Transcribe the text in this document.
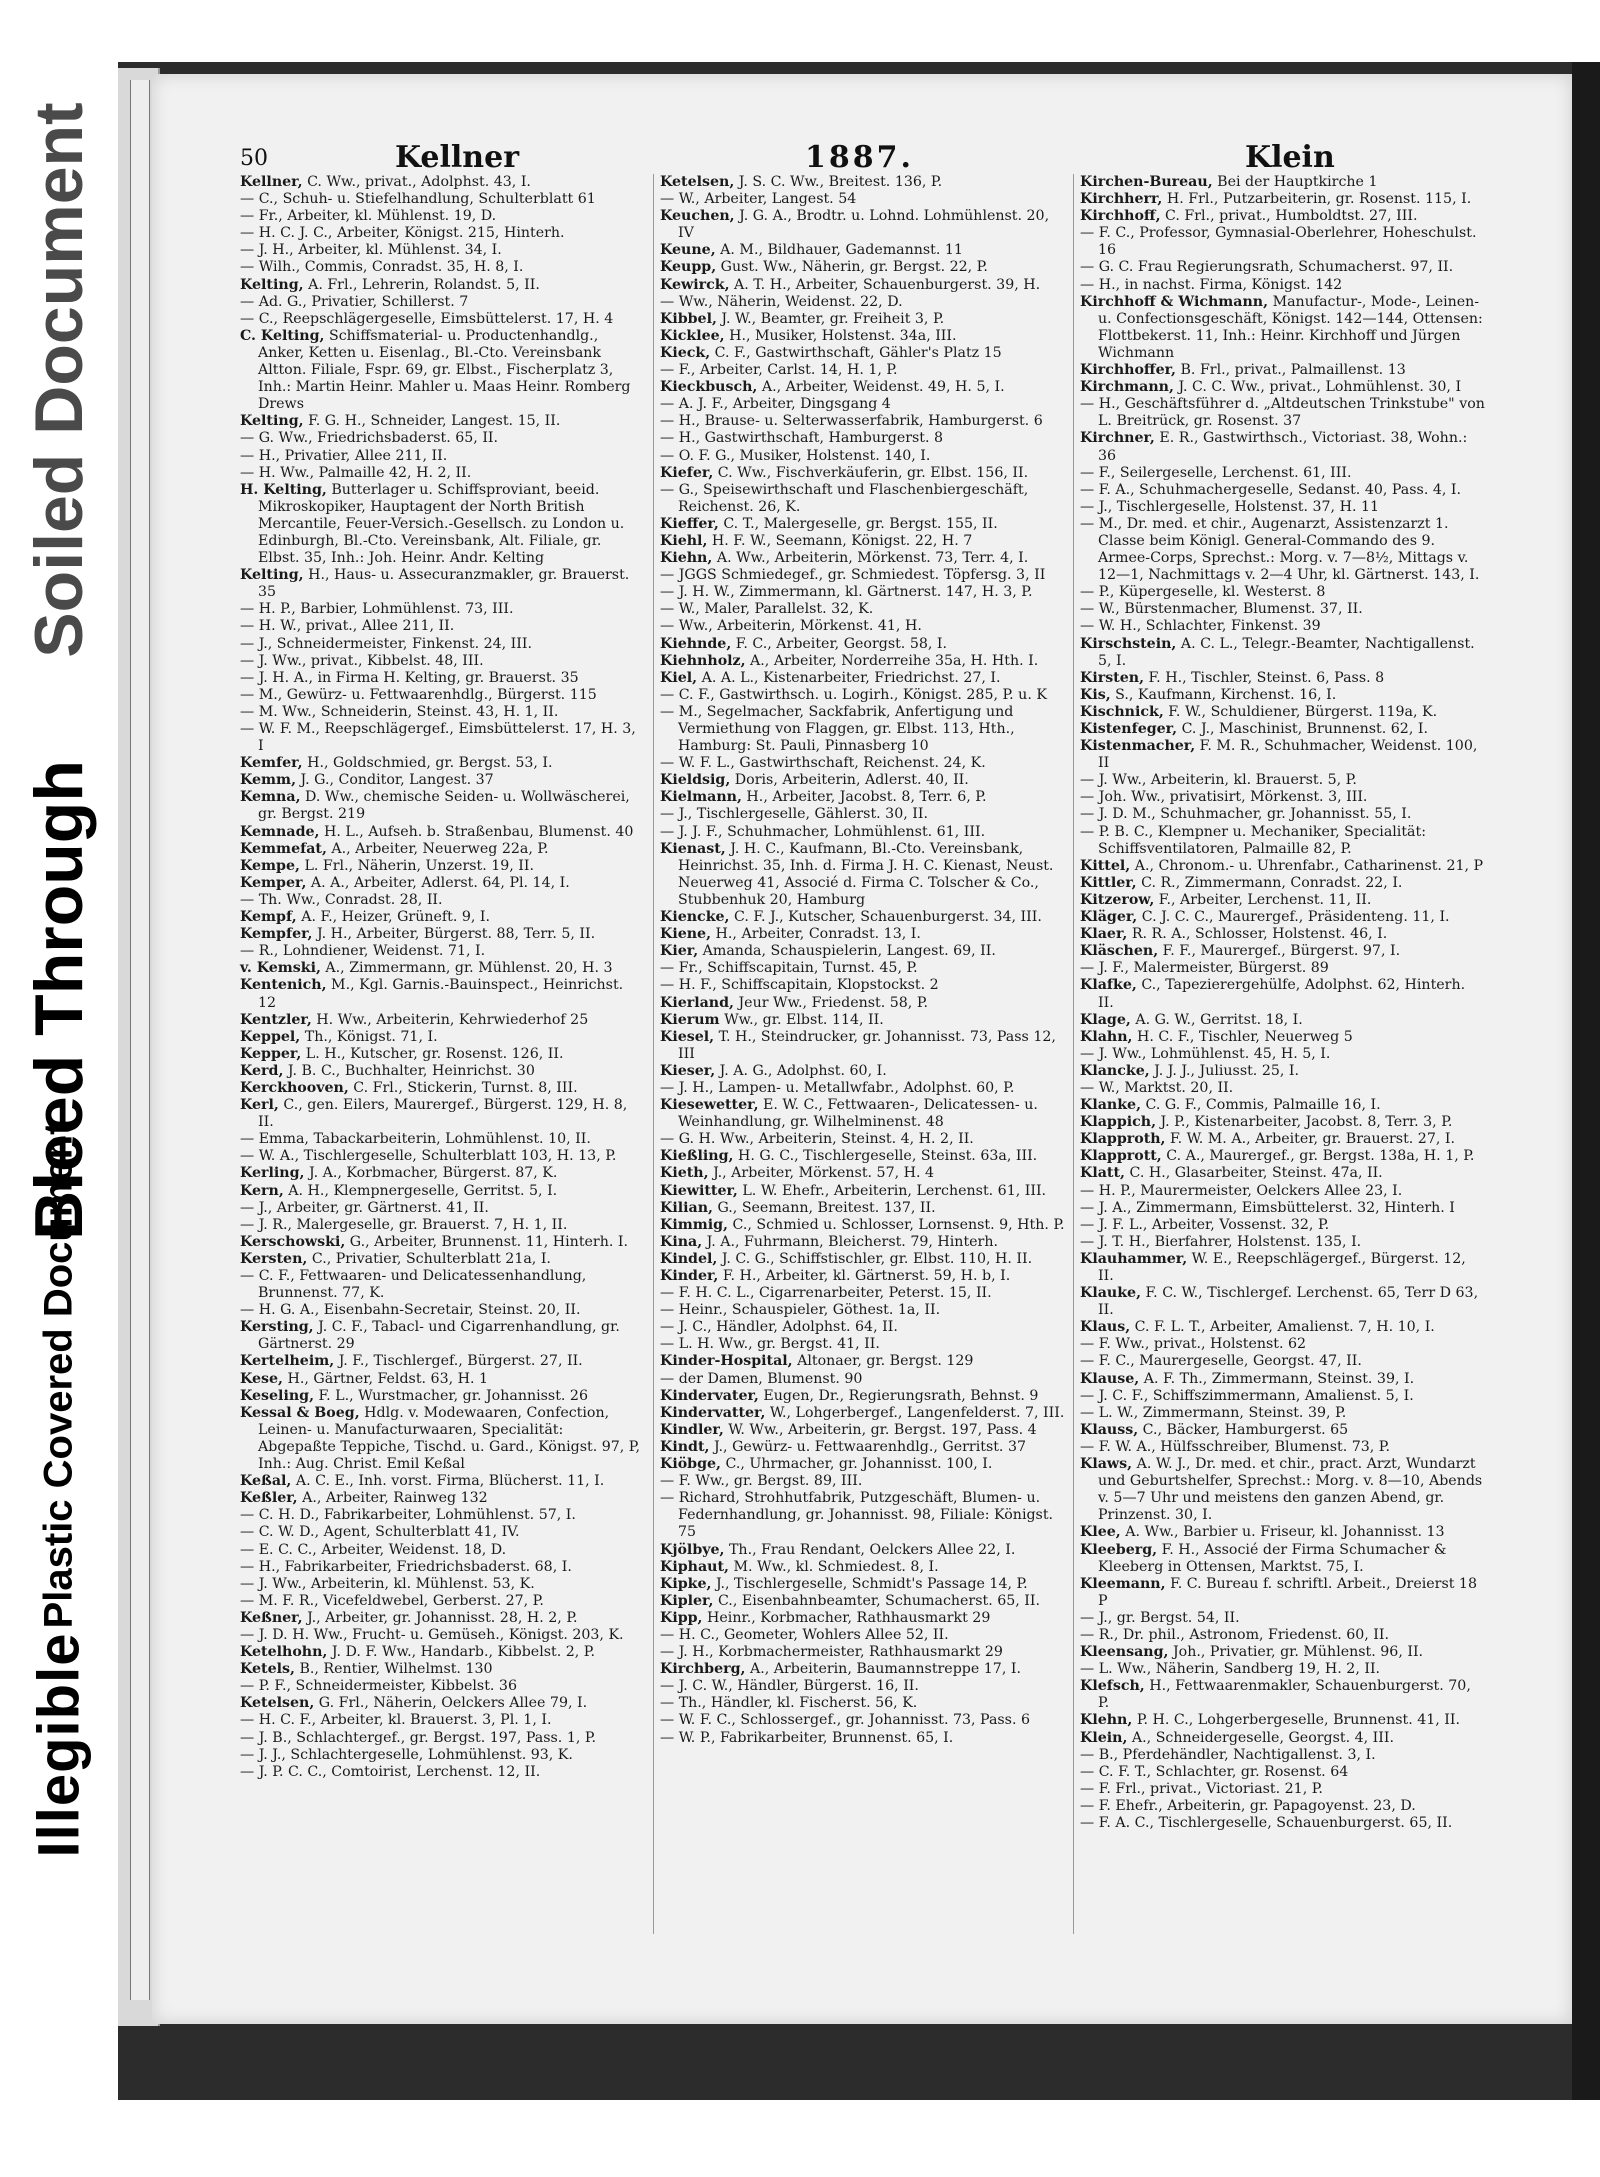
Illegible
Plastic Covered Document
Bleed Through
Soiled Document	50	Kellner	1887.	Klein
Kellner, C. Ww., privat., Adolphst. 43, I.
— C., Schuh- u. Stiefelhandlung, Schulterblatt 61
— Fr., Arbeiter, kl. Mühlenst. 19, D.
— H. C. J. C., Arbeiter, Königst. 215, Hinterh.
— J. H., Arbeiter, kl. Mühlenst. 34, I.
— Wilh., Commis, Conradst. 35, H. 8, I.
Kelting, A. Frl., Lehrerin, Rolandst. 5, II.
— Ad. G., Privatier, Schillerst. 7
— C., Reepschlägergeselle, Eimsbüttelerst. 17, H. 4
C. Kelting, Schiffsmaterial- u. Productenhandlg., Anker, Ketten u. Eisenlag., Bl.-Cto. Vereinsbank Altton. Filiale, Fspr. 69, gr. Elbst., Fischerplatz 3, Inh.: Martin Heinr. Mahler u. Maas Heinr. Romberg Drews
Kelting, F. G. H., Schneider, Langest. 15, II.
— G. Ww., Friedrichsbaderst. 65, II.
— H., Privatier, Allee 211, II.
— H. Ww., Palmaille 42, H. 2, II.
H. Kelting, Butterlager u. Schiffsproviant, beeid. Mikroskopiker, Hauptagent der North British Mercantile, Feuer-Versich.-Gesellsch. zu London u. Edinburgh, Bl.-Cto. Vereinsbank, Alt. Filiale, gr. Elbst. 35, Inh.: Joh. Heinr. Andr. Kelting
Kelting, H., Haus- u. Assecuranzmakler, gr. Brauerst. 35
— H. P., Barbier, Lohmühlenst. 73, III.
— H. W., privat., Allee 211, II.
— J., Schneidermeister, Finkenst. 24, III.
— J. Ww., privat., Kibbelst. 48, III.
— J. H. A., in Firma H. Kelting, gr. Brauerst. 35
— M., Gewürz- u. Fettwaarenhdlg., Bürgerst. 115
— M. Ww., Schneiderin, Steinst. 43, H. 1, II.
— W. F. M., Reepschlägergef., Eimsbüttelerst. 17, H. 3, I
Kemfer, H., Goldschmied, gr. Bergst. 53, I.
Kemm, J. G., Conditor, Langest. 37
Kemna, D. Ww., chemische Seiden- u. Wollwäscherei, gr. Bergst. 219
Kemnade, H. L., Aufseh. b. Straßenbau, Blumenst. 40
Kemmefat, A., Arbeiter, Neuerweg 22a, P.
Kempe, L. Frl., Näherin, Unzerst. 19, II.
Kemper, A. A., Arbeiter, Adlerst. 64, Pl. 14, I.
— Th. Ww., Conradst. 28, II.
Kempf, A. F., Heizer, Grüneft. 9, I.
Kempfer, J. H., Arbeiter, Bürgerst. 88, Terr. 5, II.
— R., Lohndiener, Weidenst. 71, I.
v. Kemski, A., Zimmermann, gr. Mühlenst. 20, H. 3
Kentenich, M., Kgl. Garnis.-Bauinspect., Heinrichst. 12
Kentzler, H. Ww., Arbeiterin, Kehrwiederhof 25
Keppel, Th., Königst. 71, I.
Kepper, L. H., Kutscher, gr. Rosenst. 126, II.
Kerd, J. B. C., Buchhalter, Heinrichst. 30
Kerckhooven, C. Frl., Stickerin, Turnst. 8, III.
Kerl, C., gen. Eilers, Maurergef., Bürgerst. 129, H. 8, II.
— Emma, Tabackarbeiterin, Lohmühlenst. 10, II.
— W. A., Tischlergeselle, Schulterblatt 103, H. 13, P.
Kerling, J. A., Korbmacher, Bürgerst. 87, K.
Kern, A. H., Klempnergeselle, Gerritst. 5, I.
— J., Arbeiter, gr. Gärtnerst. 41, II.
— J. R., Malergeselle, gr. Brauerst. 7, H. 1, II.
Kerschowski, G., Arbeiter, Brunnenst. 11, Hinterh. I.
Kersten, C., Privatier, Schulterblatt 21a, I.
— C. F., Fettwaaren- und Delicatessenhandlung, Brunnenst. 77, K.
— H. G. A., Eisenbahn-Secretair, Steinst. 20, II.
Kersting, J. C. F., Tabacl- und Cigarrenhandlung, gr. Gärtnerst. 29
Kertelheim, J. F., Tischlergef., Bürgerst. 27, II.
Kese, H., Gärtner, Feldst. 63, H. 1
Keseling, F. L., Wurstmacher, gr. Johannisst. 26
Kessal & Boeg, Hdlg. v. Modewaaren, Confection, Leinen- u. Manufacturwaaren, Specialität: Abgepaßte Teppiche, Tischd. u. Gard., Königst. 97, P, Inh.: Aug. Christ. Emil Keßal
Keßal, A. C. E., Inh. vorst. Firma, Blücherst. 11, I.
Keßler, A., Arbeiter, Rainweg 132
— C. H. D., Fabrikarbeiter, Lohmühlenst. 57, I.
— C. W. D., Agent, Schulterblatt 41, IV.
— E. C. C., Arbeiter, Weidenst. 18, D.
— H., Fabrikarbeiter, Friedrichsbaderst. 68, I.
— J. Ww., Arbeiterin, kl. Mühlenst. 53, K.
— M. F. R., Vicefeldwebel, Gerberst. 27, P.
Keßner, J., Arbeiter, gr. Johannisst. 28, H. 2, P.
— J. D. H. Ww., Frucht- u. Gemüseh., Königst. 203, K.
Ketelhohn, J. D. F. Ww., Handarb., Kibbelst. 2, P.
Ketels, B., Rentier, Wilhelmst. 130
— P. F., Schneidermeister, Kibbelst. 36
Ketelsen, G. Frl., Näherin, Oelckers Allee 79, I.
— H. C. F., Arbeiter, kl. Brauerst. 3, Pl. 1, I.
— J. B., Schlachtergef., gr. Bergst. 197, Pass. 1, P.
— J. J., Schlachtergeselle, Lohmühlenst. 93, K.
— J. P. C. C., Comtoirist, Lerchenst. 12, II.
Ketelsen, J. S. C. Ww., Breitest. 136, P.
— W., Arbeiter, Langest. 54
Keuchen, J. G. A., Brodtr. u. Lohnd. Lohmühlenst. 20, IV
Keune, A. M., Bildhauer, Gademannst. 11
Keupp, Gust. Ww., Näherin, gr. Bergst. 22, P.
Kewirck, A. T. H., Arbeiter, Schauenburgerst. 39, H.
— Ww., Näherin, Weidenst. 22, D.
Kibbel, J. W., Beamter, gr. Freiheit 3, P.
Kicklee, H., Musiker, Holstenst. 34a, III.
Kieck, C. F., Gastwirthschaft, Gähler's Platz 15
— F., Arbeiter, Carlst. 14, H. 1, P.
Kieckbusch, A., Arbeiter, Weidenst. 49, H. 5, I.
— A. J. F., Arbeiter, Dingsgang 4
— H., Brause- u. Selterwasserfabrik, Hamburgerst. 6
— H., Gastwirthschaft, Hamburgerst. 8
— O. F. G., Musiker, Holstenst. 140, I.
Kiefer, C. Ww., Fischverkäuferin, gr. Elbst. 156, II.
— G., Speisewirthschaft und Flaschenbiergeschäft, Reichenst. 26, K.
Kieffer, C. T., Malergeselle, gr. Bergst. 155, II.
Kiehl, H. F. W., Seemann, Königst. 22, H. 7
Kiehn, A. Ww., Arbeiterin, Mörkenst. 73, Terr. 4, I.
— JGGS Schmiedegef., gr. Schmiedest. Töpfersg. 3, II
— J. H. W., Zimmermann, kl. Gärtnerst. 147, H. 3, P.
— W., Maler, Parallelst. 32, K.
— Ww., Arbeiterin, Mörkenst. 41, H.
Kiehnde, F. C., Arbeiter, Georgst. 58, I.
Kiehnholz, A., Arbeiter, Norderreihe 35a, H. Hth. I.
Kiel, A. A. L., Kistenarbeiter, Friedrichst. 27, I.
— C. F., Gastwirthsch. u. Logirh., Königst. 285, P. u. K
— M., Segelmacher, Sackfabrik, Anfertigung und Vermiethung von Flaggen, gr. Elbst. 113, Hth., Hamburg: St. Pauli, Pinnasberg 10
— W. F. L., Gastwirthschaft, Reichenst. 24, K.
Kieldsig, Doris, Arbeiterin, Adlerst. 40, II.
Kielmann, H., Arbeiter, Jacobst. 8, Terr. 6, P.
— J., Tischlergeselle, Gählerst. 30, II.
— J. J. F., Schuhmacher, Lohmühlenst. 61, III.
Kienast, J. H. C., Kaufmann, Bl.-Cto. Vereinsbank, Heinrichst. 35, Inh. d. Firma J. H. C. Kienast, Neust. Neuerweg 41, Associé d. Firma C. Tolscher & Co., Stubbenhuk 20, Hamburg
Kiencke, C. F. J., Kutscher, Schauenburgerst. 34, III.
Kiene, H., Arbeiter, Conradst. 13, I.
Kier, Amanda, Schauspielerin, Langest. 69, II.
— Fr., Schiffscapitain, Turnst. 45, P.
— H. F., Schiffscapitain, Klopstockst. 2
Kierland, Jeur Ww., Friedenst. 58, P.
Kierum Ww., gr. Elbst. 114, II.
Kiesel, T. H., Steindrucker, gr. Johannisst. 73, Pass 12, III
Kieser, J. A. G., Adolphst. 60, I.
— J. H., Lampen- u. Metallwfabr., Adolphst. 60, P.
Kiesewetter, E. W. C., Fettwaaren-, Delicatessen- u. Weinhandlung, gr. Wilhelminenst. 48
— G. H. Ww., Arbeiterin, Steinst. 4, H. 2, II.
Kießling, H. G. C., Tischlergeselle, Steinst. 63a, III.
Kieth, J., Arbeiter, Mörkenst. 57, H. 4
Kiewitter, L. W. Ehefr., Arbeiterin, Lerchenst. 61, III.
Kilian, G., Seemann, Breitest. 137, II.
Kimmig, C., Schmied u. Schlosser, Lornsenst. 9, Hth. P.
Kina, J. A., Fuhrmann, Bleicherst. 79, Hinterh.
Kindel, J. C. G., Schiffstischler, gr. Elbst. 110, H. II.
Kinder, F. H., Arbeiter, kl. Gärtnerst. 59, H. b, I.
— F. H. C. L., Cigarrenarbeiter, Peterst. 15, II.
— Heinr., Schauspieler, Göthest. 1a, II.
— J. C., Händler, Adolphst. 64, II.
— L. H. Ww., gr. Bergst. 41, II.
Kinder-Hospital, Altonaer, gr. Bergst. 129
— der Damen, Blumenst. 90
Kindervater, Eugen, Dr., Regierungsrath, Behnst. 9
Kindervatter, W., Lohgerbergef., Langenfelderst. 7, III.
Kindler, W. Ww., Arbeiterin, gr. Bergst. 197, Pass. 4
Kindt, J., Gewürz- u. Fettwaarenhdlg., Gerritst. 37
Kiöbge, C., Uhrmacher, gr. Johannisst. 100, I.
— F. Ww., gr. Bergst. 89, III.
— Richard, Strohhutfabrik, Putzgeschäft, Blumen- u. Federnhandlung, gr. Johannisst. 98, Filiale: Königst. 75
Kjölbye, Th., Frau Rendant, Oelckers Allee 22, I.
Kiphaut, M. Ww., kl. Schmiedest. 8, I.
Kipke, J., Tischlergeselle, Schmidt's Passage 14, P.
Kipler, C., Eisenbahnbeamter, Schumacherst. 65, II.
Kipp, Heinr., Korbmacher, Rathhausmarkt 29
— H. C., Geometer, Wohlers Allee 52, II.
— J. H., Korbmachermeister, Rathhausmarkt 29
Kirchberg, A., Arbeiterin, Baumannstreppe 17, I.
— J. C. W., Händler, Bürgerst. 16, II.
— Th., Händler, kl. Fischerst. 56, K.
— W. F. C., Schlossergef., gr. Johannisst. 73, Pass. 6
— W. P., Fabrikarbeiter, Brunnenst. 65, I.
Kirchen-Bureau, Bei der Hauptkirche 1
Kirchherr, H. Frl., Putzarbeiterin, gr. Rosenst. 115, I.
Kirchhoff, C. Frl., privat., Humboldtst. 27, III.
— F. C., Professor, Gymnasial-Oberlehrer, Hoheschulst. 16
— G. C. Frau Regierungsrath, Schumacherst. 97, II.
— H., in nachst. Firma, Königst. 142
Kirchhoff & Wichmann, Manufactur-, Mode-, Leinen- u. Confectionsgeschäft, Königst. 142—144, Ottensen: Flottbekerst. 11, Inh.: Heinr. Kirchhoff und Jürgen Wichmann
Kirchhoffer, B. Frl., privat., Palmaillenst. 13
Kirchmann, J. C. C. Ww., privat., Lohmühlenst. 30, I
— H., Geschäftsführer d. „Altdeutschen Trinkstube" von L. Breitrück, gr. Rosenst. 37
Kirchner, E. R., Gastwirthsch., Victoriast. 38, Wohn.: 36
— F., Seilergeselle, Lerchenst. 61, III.
— F. A., Schuhmachergeselle, Sedanst. 40, Pass. 4, I.
— J., Tischlergeselle, Holstenst. 37, H. 11
— M., Dr. med. et chir., Augenarzt, Assistenzarzt 1. Classe beim Königl. General-Commando des 9. Armee-Corps, Sprechst.: Morg. v. 7—8½, Mittags v. 12—1, Nachmittags v. 2—4 Uhr, kl. Gärtnerst. 143, I.
— P., Küpergeselle, kl. Westerst. 8
— W., Bürstenmacher, Blumenst. 37, II.
— W. H., Schlachter, Finkenst. 39
Kirschstein, A. C. L., Telegr.-Beamter, Nachtigallenst. 5, I.
Kirsten, F. H., Tischler, Steinst. 6, Pass. 8
Kis, S., Kaufmann, Kirchenst. 16, I.
Kischnick, F. W., Schuldiener, Bürgerst. 119a, K.
Kistenfeger, C. J., Maschinist, Brunnenst. 62, I.
Kistenmacher, F. M. R., Schuhmacher, Weidenst. 100, II
— J. Ww., Arbeiterin, kl. Brauerst. 5, P.
— Joh. Ww., privatisirt, Mörkenst. 3, III.
— J. D. M., Schuhmacher, gr. Johannisst. 55, I.
— P. B. C., Klempner u. Mechaniker, Specialität: Schiffsventilatoren, Palmaille 82, P.
Kittel, A., Chronom.- u. Uhrenfabr., Catharinenst. 21, P
Kittler, C. R., Zimmermann, Conradst. 22, I.
Kitzerow, F., Arbeiter, Lerchenst. 11, II.
Kläger, C. J. C. C., Maurergef., Präsidenteng. 11, I.
Klaer, R. R. A., Schlosser, Holstenst. 46, I.
Kläschen, F. F., Maurergef., Bürgerst. 97, I.
— J. F., Malermeister, Bürgerst. 89
Klafke, C., Tapezierergehülfe, Adolphst. 62, Hinterh. II.
Klage, A. G. W., Gerritst. 18, I.
Klahn, H. C. F., Tischler, Neuerweg 5
— J. Ww., Lohmühlenst. 45, H. 5, I.
Klancke, J. J. J., Juliusst. 25, I.
— W., Marktst. 20, II.
Klanke, C. G. F., Commis, Palmaille 16, I.
Klappich, J. P., Kistenarbeiter, Jacobst. 8, Terr. 3, P.
Klapproth, F. W. M. A., Arbeiter, gr. Brauerst. 27, I.
Klapprott, C. A., Maurergef., gr. Bergst. 138a, H. 1, P.
Klatt, C. H., Glasarbeiter, Steinst. 47a, II.
— H. P., Maurermeister, Oelckers Allee 23, I.
— J. A., Zimmermann, Eimsbüttelerst. 32, Hinterh. I
— J. F. L., Arbeiter, Vossenst. 32, P.
— J. T. H., Bierfahrer, Holstenst. 135, I.
Klauhammer, W. E., Reepschlägergef., Bürgerst. 12, II.
Klauke, F. C. W., Tischlergef. Lerchenst. 65, Terr D 63, II.
Klaus, C. F. L. T., Arbeiter, Amalienst. 7, H. 10, I.
— F. Ww., privat., Holstenst. 62
— F. C., Maurergeselle, Georgst. 47, II.
Klause, A. F. Th., Zimmermann, Steinst. 39, I.
— J. C. F., Schiffszimmermann, Amalienst. 5, I.
— L. W., Zimmermann, Steinst. 39, P.
Klauss, C., Bäcker, Hamburgerst. 65
— F. W. A., Hülfsschreiber, Blumenst. 73, P.
Klaws, A. W. J., Dr. med. et chir., pract. Arzt, Wundarzt und Geburtshelfer, Sprechst.: Morg. v. 8—10, Abends v. 5—7 Uhr und meistens den ganzen Abend, gr. Prinzenst. 30, I.
Klee, A. Ww., Barbier u. Friseur, kl. Johannisst. 13
Kleeberg, F. H., Associé der Firma Schumacher & Kleeberg in Ottensen, Marktst. 75, I.
Kleemann, F. C. Bureau f. schriftl. Arbeit., Dreierst 18 P
— J., gr. Bergst. 54, II.
— R., Dr. phil., Astronom, Friedenst. 60, II.
Kleensang, Joh., Privatier, gr. Mühlenst. 96, II.
— L. Ww., Näherin, Sandberg 19, H. 2, II.
Klefsch, H., Fettwaarenmakler, Schauenburgerst. 70, P.
Klehn, P. H. C., Lohgerbergeselle, Brunnenst. 41, II.
Klein, A., Schneidergeselle, Georgst. 4, III.
— B., Pferdehändler, Nachtigallenst. 3, I.
— C. F. T., Schlachter, gr. Rosenst. 64
— F. Frl., privat., Victoriast. 21, P.
— F. Ehefr., Arbeiterin, gr. Papagoyenst. 23, D.
— F. A. C., Tischlergeselle, Schauenburgerst. 65, II.
